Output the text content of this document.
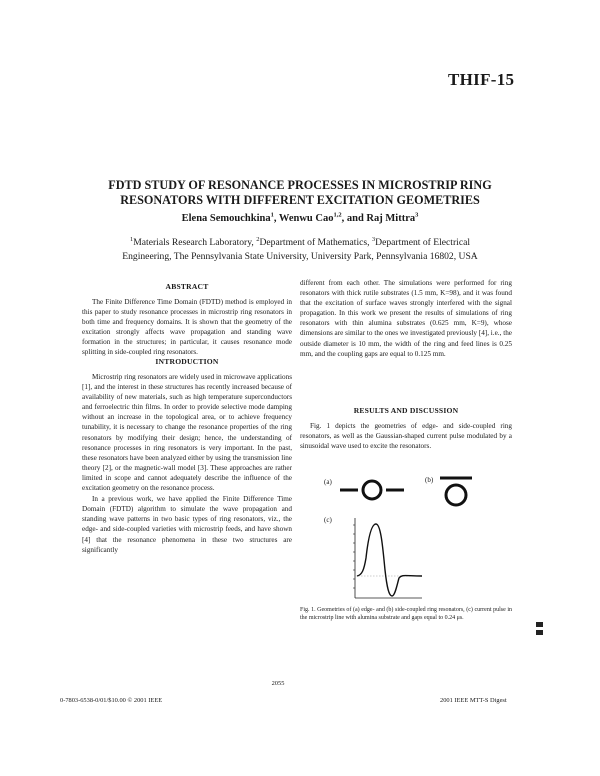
THIF-15
FDTD STUDY OF RESONANCE PROCESSES IN MICROSTRIP RING
RESONATORS WITH DIFFERENT EXCITATION GEOMETRIES
Elena Semouchkina$^1$, Wenwu Cao$^{1,2}$, and Raj Mittra$^3$
$^1$Materials Research Laboratory, $^2$Department of Mathematics, $^3$Department of Electrical
Engineering, The Pennsylvania State University, University Park, Pennsylvania 16802, USA
ABSTRACT

The Finite Difference Time Domain (FDTD) method is employed in this paper to study resonance processes in microstrip ring resonators in both time and frequency domains. It is shown that the geometry of the excitation strongly affects wave propagation and standing wave formation in the structures; in particular, it causes resonance mode splitting in side-coupled ring resonators.

INTRODUCTION

Microstrip ring resonators are widely used in microwave applications [1], and the interest in these structures has recently increased because of availability of new materials, such as high temperature superconductors and ferroelectric thin films. In order to provide selective mode damping without an increase in the topological area, or to achieve frequency tunability, it is necessary to change the resonance properties of the ring resonators by modifying their design; hence, the understanding of resonance processes in ring resonators is very important. In the past, these resonators have been analyzed either by using the transmission line theory [2], or the magnetic-wall model [3]. These approaches are rather limited in scope and cannot adequately describe the influence of the excitation geometry on the resonance process.

In a previous work, we have applied the Finite Difference Time Domain (FDTD) algorithm to simulate the wave propagation and standing wave patterns in two basic types of ring resonators, viz., the edge- and side-coupled varieties with microstrip feeds, and have shown [4] that the resonance phenomena in these two structures are significantly

different from each other. The simulations were performed for ring resonators with thick rutile substrates (1.5 mm, K=98), and it was found that the excitation of surface waves strongly interfered with the signal propagation. In this work we present the results of simulations of ring resonators with thin alumina substrates (0.625 mm, K=9), whose dimensions are similar to the ones we investigated previously [4], i.e., the outside diameter is 10 mm, the width of the ring and feed lines is 0.25 mm, and the coupling gaps are equal to 0.125 mm.

RESULTS AND DISCUSSION

Fig. 1 depicts the geometries of edge- and side-coupled ring resonators, as well as the Gaussian-shaped current pulse modulated by a sinusoidal wave used to excite the resonators.

(a)	(b)
(c)
Fig. 1. Geometries of (a) edge- and (b) side-coupled ring resonators, (c) current pulse in the microstrip line with alumina substrate and gaps equal to 0.24 μs.
2055
0-7803-6538-0/01/$10.00 © 2001 IEEE	2001 IEEE MTT-S Digest
